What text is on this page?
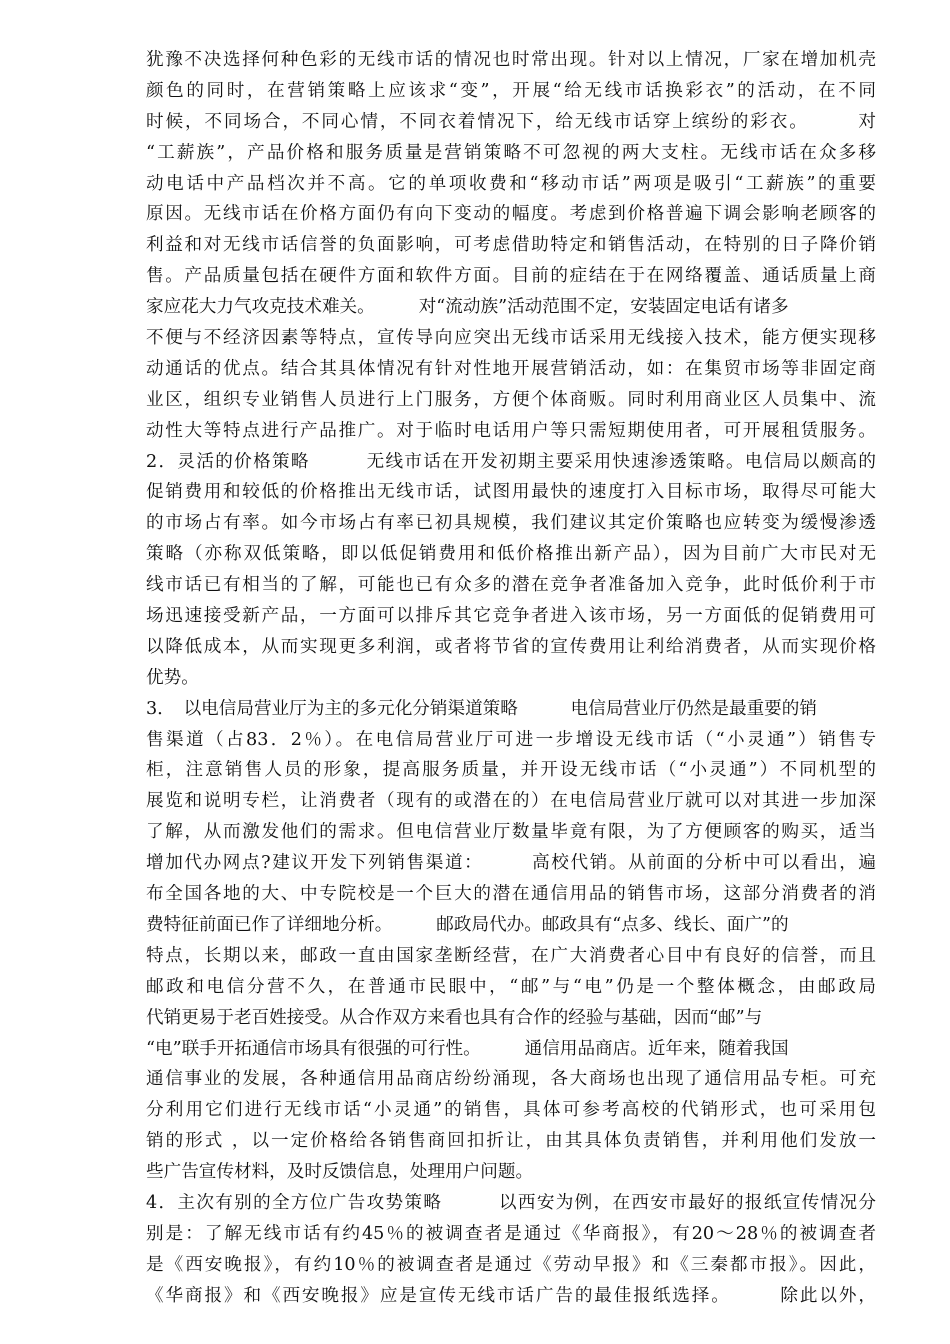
犹豫不决选择何种色彩的无线市话的情况也时常出现。针对以上情况，厂家在增加机壳
颜色的同时，在营销策略上应该求“变”，开展“给无线市话换彩衣”的活动，在不同
时候，不同场合，不同心情，不同衣着情况下，给无线市话穿上缤纷的彩衣。　　　对
“工薪族”，产品价格和服务质量是营销策略不可忽视的两大支柱。无线市话在众多移
动电话中产品档次并不高。它的单项收费和“移动市话”两项是吸引“工薪族”的重要
原因。无线市话在价格方面仍有向下变动的幅度。考虑到价格普遍下调会影响老顾客的
利益和对无线市话信誉的负面影响，可考虑借助特定和销售活动，在特别的日子降价销
售。产品质量包括在硬件方面和软件方面。目前的症结在于在网络覆盖、通话质量上商
家应花大力气攻克技术难关。　　　对“流动族”活动范围不定，安装固定电话有诸多
不便与不经济因素等特点，宣传导向应突出无线市话采用无线接入技术，能方便实现移
动通话的优点。结合其具体情况有针对性地开展营销活动，如：在集贸市场等非固定商
业区，组织专业销售人员进行上门服务，方便个体商贩。同时利用商业区人员集中、流
动性大等特点进行产品推广。对于临时电话用户等只需短期使用者，可开展租赁服务。
2．灵活的价格策略　　　无线市话在开发初期主要采用快速渗透策略。电信局以颇高的
促销费用和较低的价格推出无线市话，试图用最快的速度打入目标市场，取得尽可能大
的市场占有率。如今市场占有率已初具规模，我们建议其定价策略也应转变为缓慢渗透
策略（亦称双低策略，即以低促销费用和低价格推出新产品），因为目前广大市民对无
线市话已有相当的了解，可能也已有众多的潜在竞争者准备加入竞争，此时低价利于市
场迅速接受新产品，一方面可以排斥其它竞争者进入该市场，另一方面低的促销费用可
以降低成本，从而实现更多利润，或者将节省的宣传费用让利给消费者，从而实现价格
优势。
3．　以电信局营业厅为主的多元化分销渠道策略　　　电信局营业厅仍然是最重要的销
售渠道（占83．2％）。在电信局营业厅可进一步增设无线市话（“小灵通”）销售专
柜，注意销售人员的形象，提高服务质量，并开设无线市话（“小灵通”）不同机型的
展览和说明专栏，让消费者（现有的或潜在的）在电信局营业厅就可以对其进一步加深
了解，从而激发他们的需求。但电信营业厅数量毕竟有限，为了方便顾客的购买，适当
增加代办网点?建议开发下列销售渠道：　　　高校代销。从前面的分析中可以看出，遍
布全国各地的大、中专院校是一个巨大的潜在通信用品的销售市场，这部分消费者的消
费特征前面已作了详细地分析。　　　邮政局代办。邮政具有“点多、线长、面广”的
特点，长期以来，邮政一直由国家垄断经营，在广大消费者心目中有良好的信誉，而且
邮政和电信分营不久，在普通市民眼中，“邮”与“电”仍是一个整体概念，由邮政局
代销更易于老百姓接受。从合作双方来看也具有合作的经验与基础，因而“邮”与
“电”联手开拓通信市场具有很强的可行性。　　　通信用品商店。近年来，随着我国
通信事业的发展，各种通信用品商店纷纷涌现，各大商场也出现了通信用品专柜。可充
分利用它们进行无线市话“小灵通”的销售，具体可参考高校的代销形式，也可采用包
销的形式 ，以一定价格给各销售商回扣折让，由其具体负责销售，并利用他们发放一
些广告宣传材料，及时反馈信息，处理用户问题。
4．主次有别的全方位广告攻势策略　　　以西安为例，在西安市最好的报纸宣传情况分
别是：了解无线市话有约45％的被调查者是通过《华商报》，有20～28％的被调查者
是《西安晚报》，有约10％的被调查者是通过《劳动早报》和《三秦都市报》。因此，
《华商报》和《西安晚报》应是宣传无线市话广告的最佳报纸选择。　　　除此以外，
